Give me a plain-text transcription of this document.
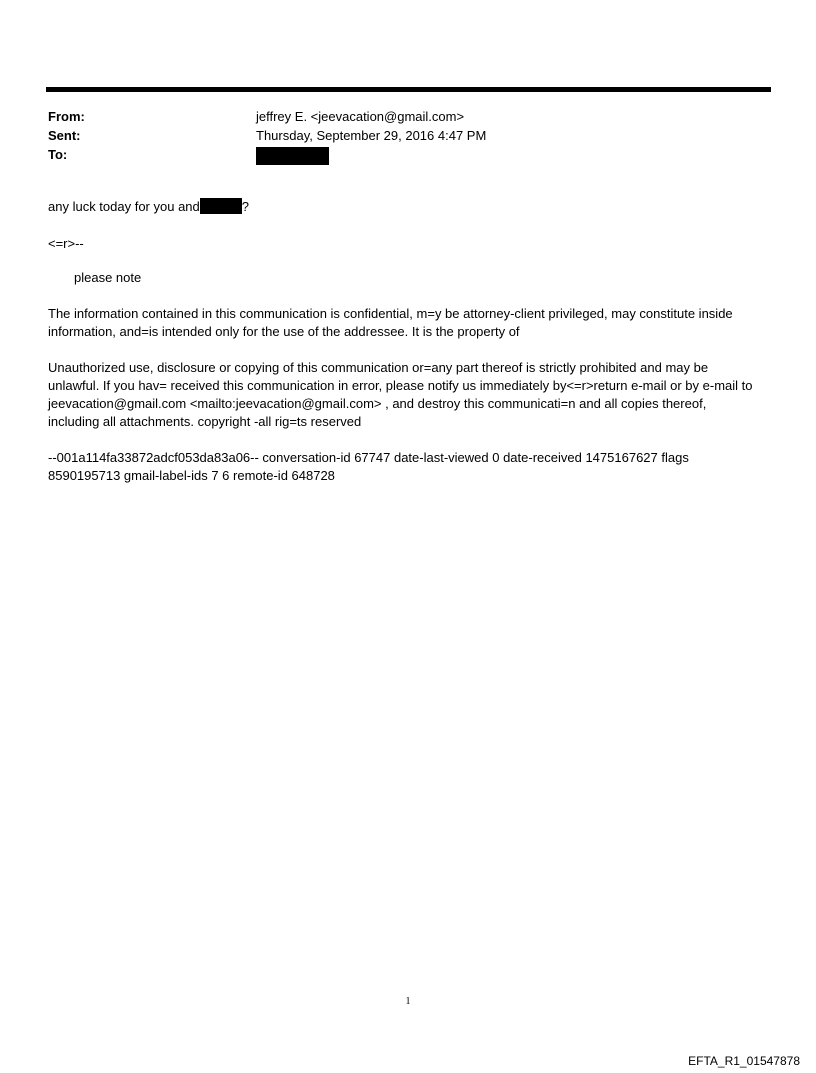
From:	jeffrey E. <jeevacation@gmail.com>
Sent:	Thursday, September 29, 2016 4:47 PM
To:

any luck today for you and	?

<=r>--

please note

The information contained in this communication is confidential, m=y be attorney-client privileged, may constitute inside information, and=is intended only for the use of the addressee. It is the property of

Unauthorized use, disclosure or copying of this communication or=any part thereof is strictly prohibited and may be unlawful. If you hav= received this communication in error, please notify us immediately by<=r>return e-mail or by e-mail to jeevacation@gmail.com <mailto:jeevacation@gmail.com> , and destroy this communicati=n and all copies thereof, including all attachments. copyright -all rig=ts reserved

--001a114fa33872adcf053da83a06-- conversation-id 67747 date-last-viewed 0 date-received 1475167627 flags 8590195713 gmail-label-ids 7 6 remote-id 648728

1
EFTA_R1_01547878
